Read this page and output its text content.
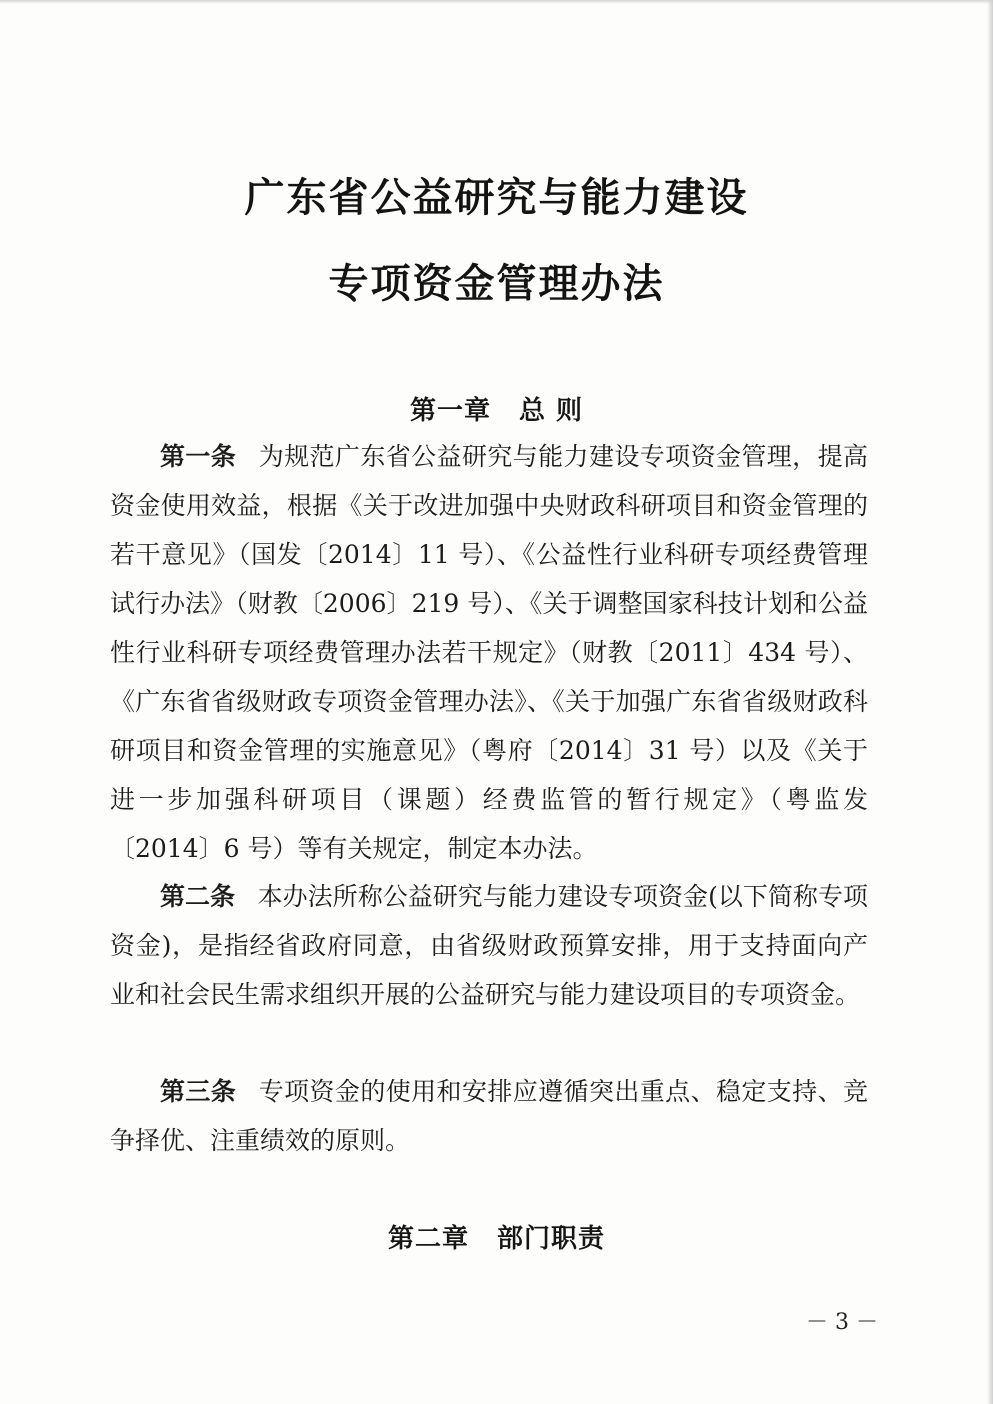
广东省公益研究与能力建设
专项资金管理办法
第一章 总 则

第一条 为规范广东省公益研究与能力建设专项资金管理，提高资金使用效益，根据《关于改进加强中央财政科研项目和资金管理的若干意见》（国发〔2014〕11 号）、《公益性行业科研专项经费管理试行办法》（财教〔2006〕219 号）、《关于调整国家科技计划和公益性行业科研专项经费管理办法若干规定》（财教〔2011〕434 号）、《广东省省级财政专项资金管理办法》、《关于加强广东省省级财政科研项目和资金管理的实施意见》（粤府〔2014〕31 号）以及《关于进一步加强科研项目（课题）经费监管的暂行规定》（粤监发〔2014〕6 号）等有关规定，制定本办法。

第二条 本办法所称公益研究与能力建设专项资金(以下简称专项资金)，是指经省政府同意，由省级财政预算安排，用于支持面向产业和社会民生需求组织开展的公益研究与能力建设项目的专项资金。

第三条 专项资金的使用和安排应遵循突出重点、稳定支持、竞争择优、注重绩效的原则。

第二章 部门职责
－ 3 －
